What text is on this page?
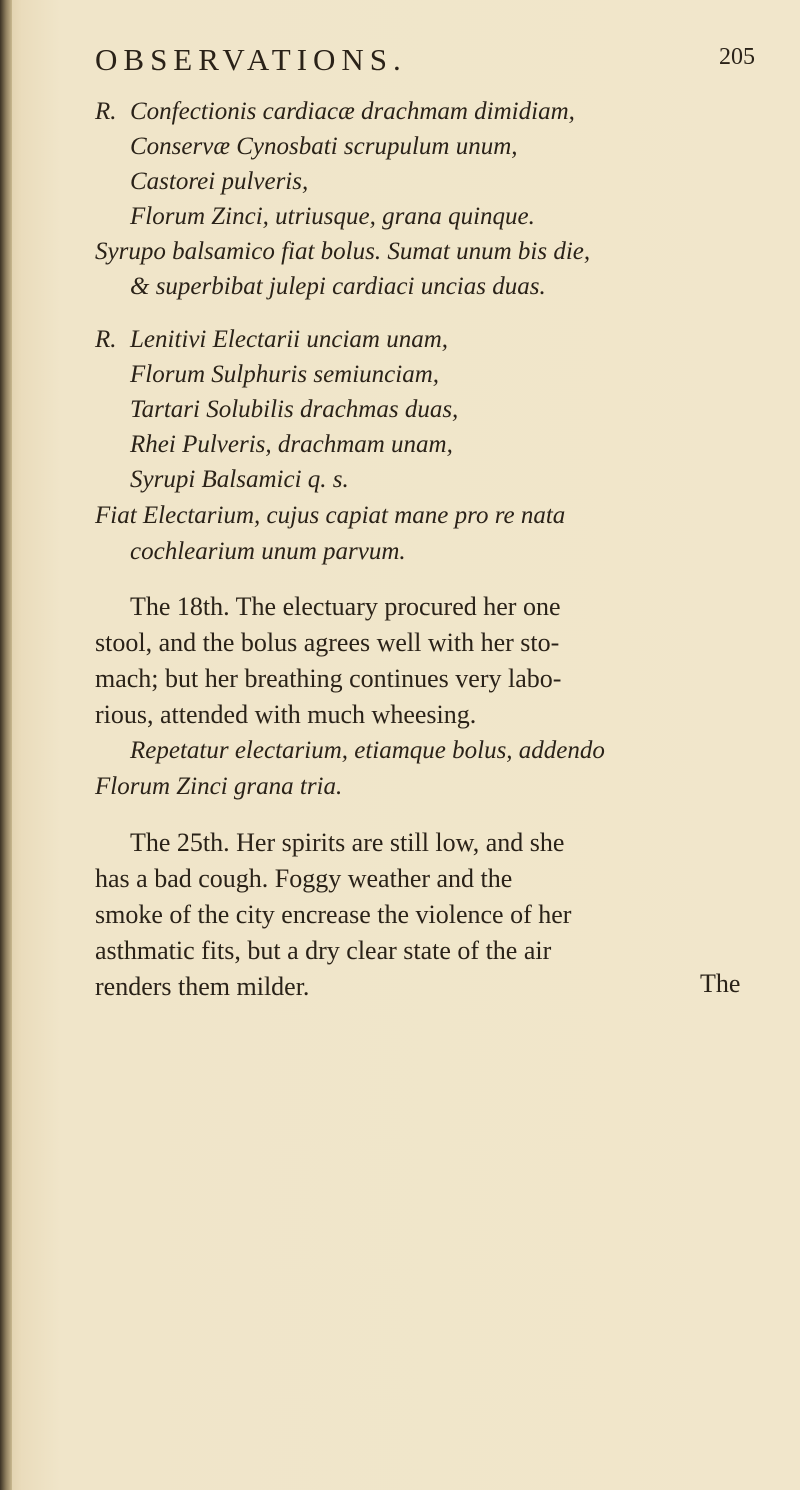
OBSERVATIONS.	205
R. Confectionis cardiacæ drachmam dimidiam,
Conservæ Cynosbati scrupulum unum,
Castorei pulveris,
Florum Zinci, utriusque, grana quinque.
Syrupo balsamico fiat bolus. Sumat unum bis die,
& superbibat julepi cardiaci uncias duas.
R. Lenitivi Electarii unciam unam,
Florum Sulphuris semiunciam,
Tartari Solubilis drachmas duas,
Rhei Pulveris, drachmam unam,
Syrupi Balsamici q. s.
Fiat Electarium, cujus capiat mane pro re nata
cochlearium unum parvum.
The 18th. The electuary procured her one
stool, and the bolus agrees well with her sto-
mach; but her breathing continues very labo-
rious, attended with much wheesing.
Repetatur electarium, etiamque bolus, addendo
Florum Zinci grana tria.
The 25th. Her spirits are still low, and she
has a bad cough. Foggy weather and the
smoke of the city encrease the violence of her
asthmatic fits, but a dry clear state of the air
renders them milder.	The
